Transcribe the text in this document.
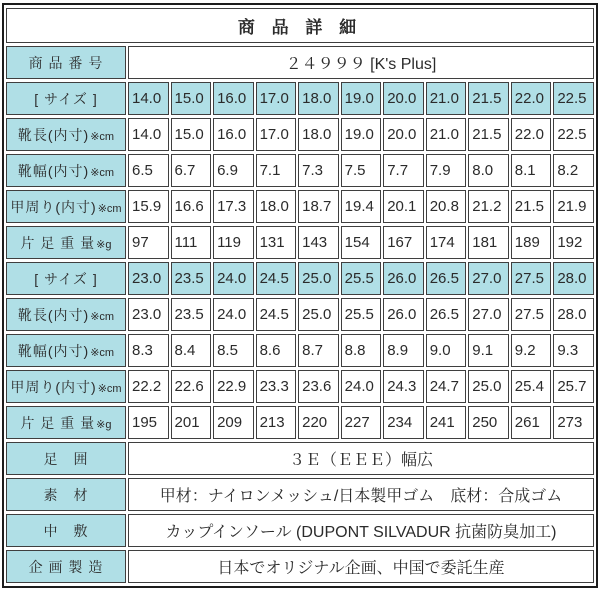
商 品 詳 細											
商 品 番 号	２４９９９ [K's Plus]										
[ サイズ ]	14.0	15.0	16.0	17.0	18.0	19.0	20.0	21.0	21.5	22.0	22.5
靴長(内寸)※cm	14.0	15.0	16.0	17.0	18.0	19.0	20.0	21.0	21.5	22.0	22.5
靴幅(内寸)※cm	6.5	6.7	6.9	7.1	7.3	7.5	7.7	7.9	8.0	8.1	8.2
甲周り(内寸)※cm	15.9	16.6	17.3	18.0	18.7	19.4	20.1	20.8	21.2	21.5	21.9
片 足 重 量※g	97	111	119	131	143	154	167	174	181	189	192
[ サイズ ]	23.0	23.5	24.0	24.5	25.0	25.5	26.0	26.5	27.0	27.5	28.0
靴長(内寸)※cm	23.0	23.5	24.0	24.5	25.0	25.5	26.0	26.5	27.0	27.5	28.0
靴幅(内寸)※cm	8.3	8.4	8.5	8.6	8.7	8.8	8.9	9.0	9.1	9.2	9.3
甲周り(内寸)※cm	22.2	22.6	22.9	23.3	23.6	24.0	24.3	24.7	25.0	25.4	25.7
片 足 重 量※g	195	201	209	213	220	227	234	241	250	261	273
足　囲	３Ｅ（ＥＥＥ）幅広										
素　材	甲材：ナイロンメッシュ/日本製甲ゴム　底材：合成ゴム										
中　敷	カップインソール (DUPONT SILVADUR 抗菌防臭加工)										
企 画 製 造	日本でオリジナル企画、中国で委託生産										
